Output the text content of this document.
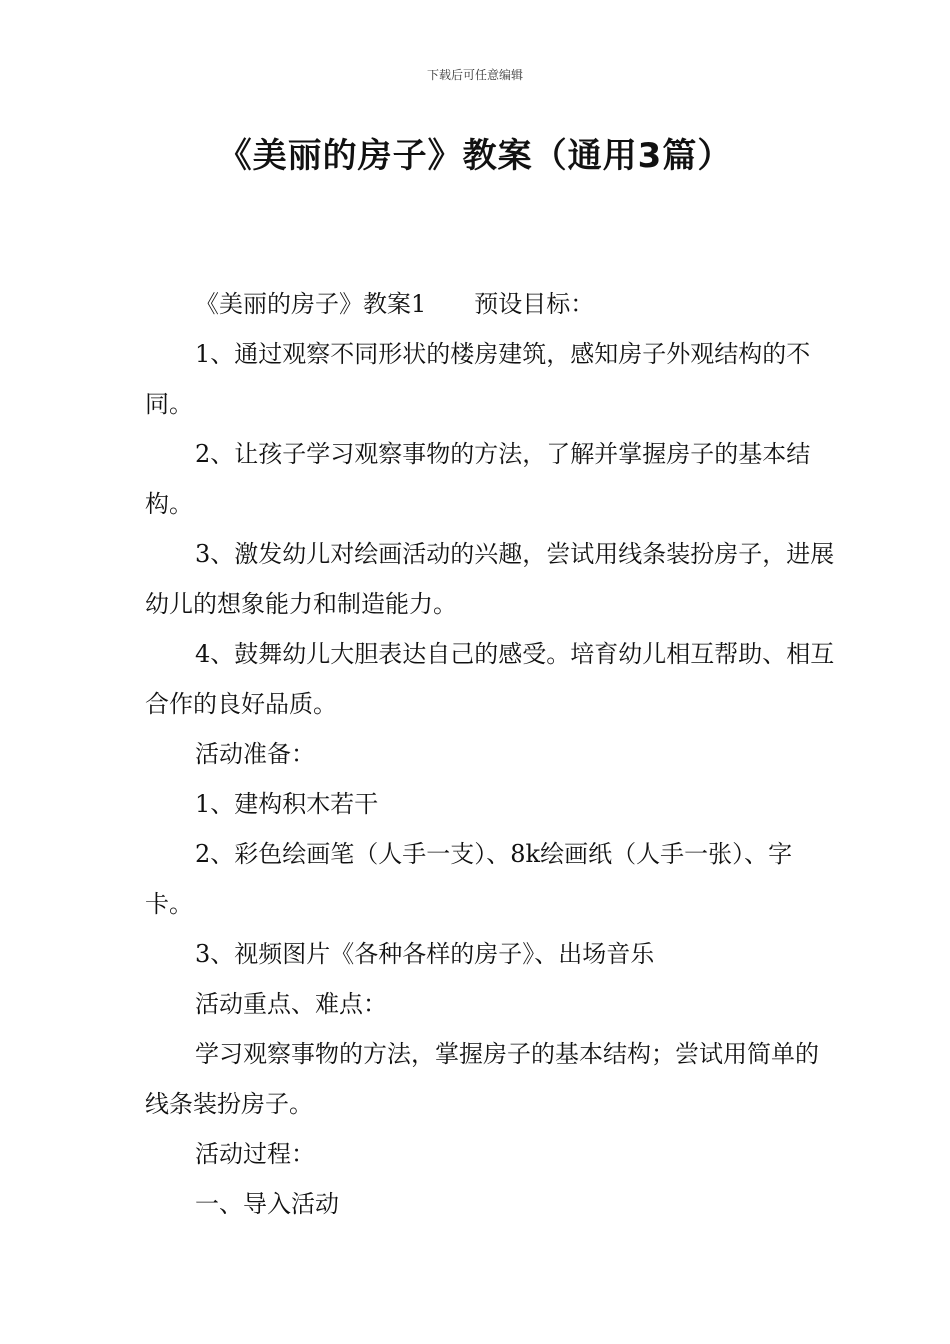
下载后可任意编辑
《美丽的房子》教案（通用3篇）

《美丽的房子》教案1 预设目标：

1、通过观察不同形状的楼房建筑，感知房子外观结构的不同。

2、让孩子学习观察事物的方法，了解并掌握房子的基本结构。

3、激发幼儿对绘画活动的兴趣，尝试用线条装扮房子，进展幼儿的想象能力和制造能力。

4、鼓舞幼儿大胆表达自己的感受。培育幼儿相互帮助、相互合作的良好品质。

活动准备：

1、建构积木若干

2、彩色绘画笔（人手一支）、8k绘画纸（人手一张）、字卡。

3、视频图片《各种各样的房子》、出场音乐

活动重点、难点：

学习观察事物的方法，掌握房子的基本结构；尝试用简单的线条装扮房子。

活动过程：

一、导入活动
